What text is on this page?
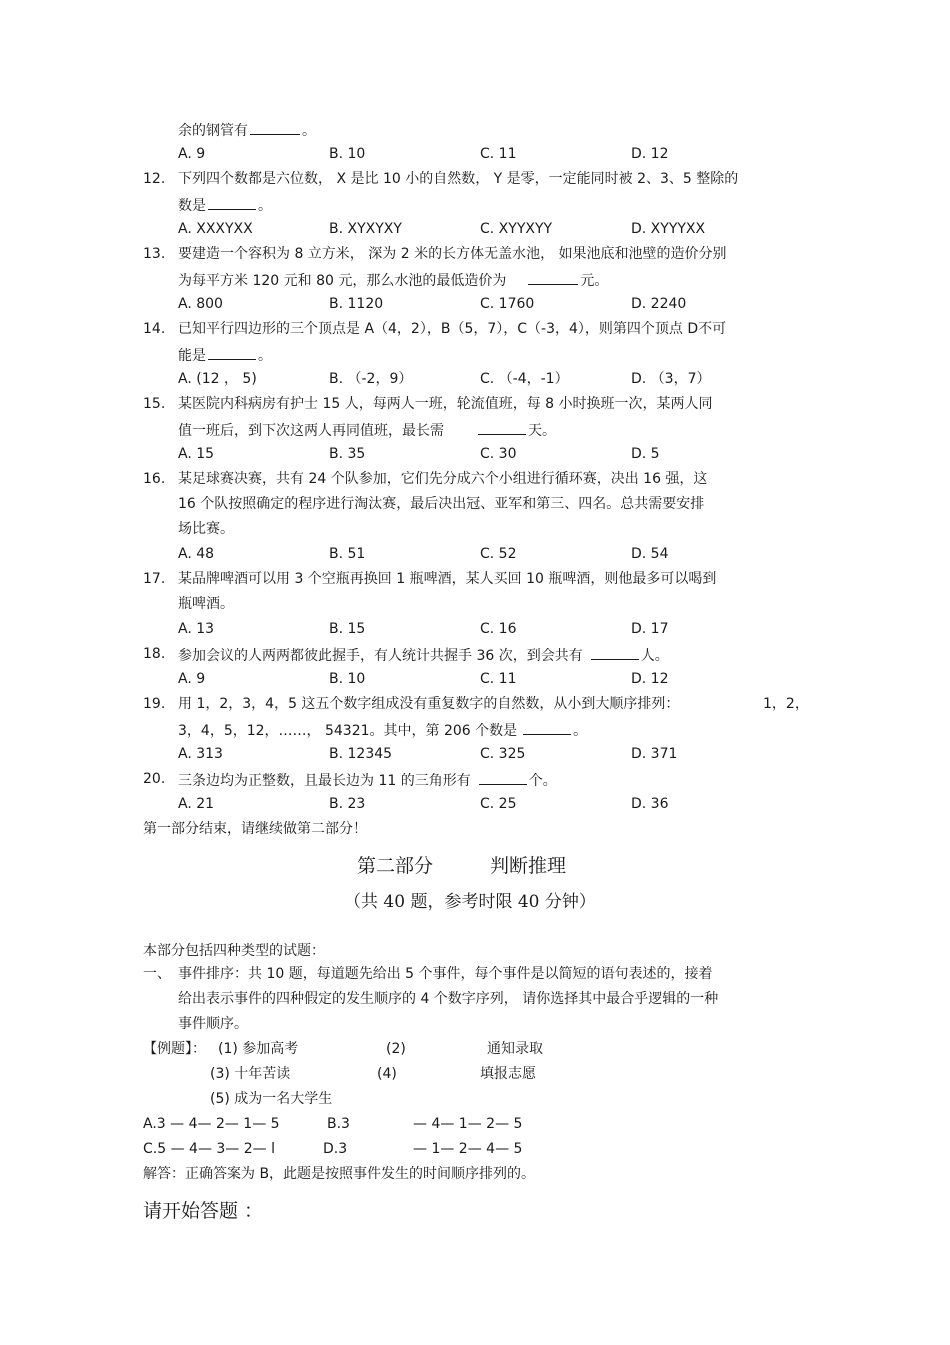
余的钢管有	。
A. 9	B. 10	C. 11	D. 12
12. 下列四个数都是六位数， X 是比 10 小的自然数， Y 是零，一定能同时被 2、3、5 整除的
数是	。
A. XXXYXX	B. XYXYXY	C. XYYXYY	D. XYYYXX
13. 要建造一个容积为 8 立方米， 深为 2 米的长方体无盖水池， 如果池底和池壁的造价分别
为每平方米 120 元和 80 元，那么水池的最低造价为	元。
A. 800	B. 1120	C. 1760	D. 2240
14. 已知平行四边形的三个顶点是 A（4，2），B（5，7），C（-3，4），则第四个顶点 D不可
能是	。
A. (12 ， 5)	B. （-2，9）	C. （-4，-1）	D. （3，7）
15. 某医院内科病房有护士 15 人，每两人一班，轮流值班，每 8 小时换班一次，某两人同
值一班后，到下次这两人再同值班，最长需	天。
A. 15	B. 35	C. 30	D. 5
16. 某足球赛决赛，共有 24 个队参加，它们先分成六个小组进行循环赛，决出 16 强，这
16 个队按照确定的程序进行淘汰赛，最后决出冠、亚军和第三、四名。总共需要安排
场比赛。
A. 48	B. 51	C. 52	D. 54
17. 某品牌啤酒可以用 3 个空瓶再换回 1 瓶啤酒，某人买回 10 瓶啤酒，则他最多可以喝到
瓶啤酒。
A. 13	B. 15	C. 16	D. 17
18. 参加会议的人两两都彼此握手，有人统计共握手 36 次，到会共有	人。
A. 9	B. 10	C. 11	D. 12
19. 用 1，2，3，4，5 这五个数字组成没有重复数字的自然数，从小到大顺序排列：	1，2，
3，4，5，12，……， 54321。其中，第 206 个数是	。
A. 313	B. 12345	C. 325	D. 371
20. 三条边均为正整数，且最长边为 11 的三角形有	个。
A. 21	B. 23	C. 25	D. 36
第一部分结束，请继续做第二部分！
第二部分	判断推理
（共 40 题，参考时限 40 分钟）
本部分包括四种类型的试题：
一、 事件排序：共 10 题，每道题先给出 5 个事件，每个事件是以简短的语句表述的，接着
给出表示事件的四种假定的发生顺序的 4 个数字序列， 请你选择其中最合乎逻辑的一种
事件顺序。
【例题】： (1) 参加高考	(2)	通知录取
(3) 十年苦读	(4)	填报志愿
(5) 成为一名大学生
A.3 — 4— 2— 1— 5	B.3	— 4— 1— 2— 5
C.5 — 4— 3— 2— l	D.3	— 1— 2— 4— 5
解答：正确答案为 B，此题是按照事件发生的时间顺序排列的。
请开始答题 ：
